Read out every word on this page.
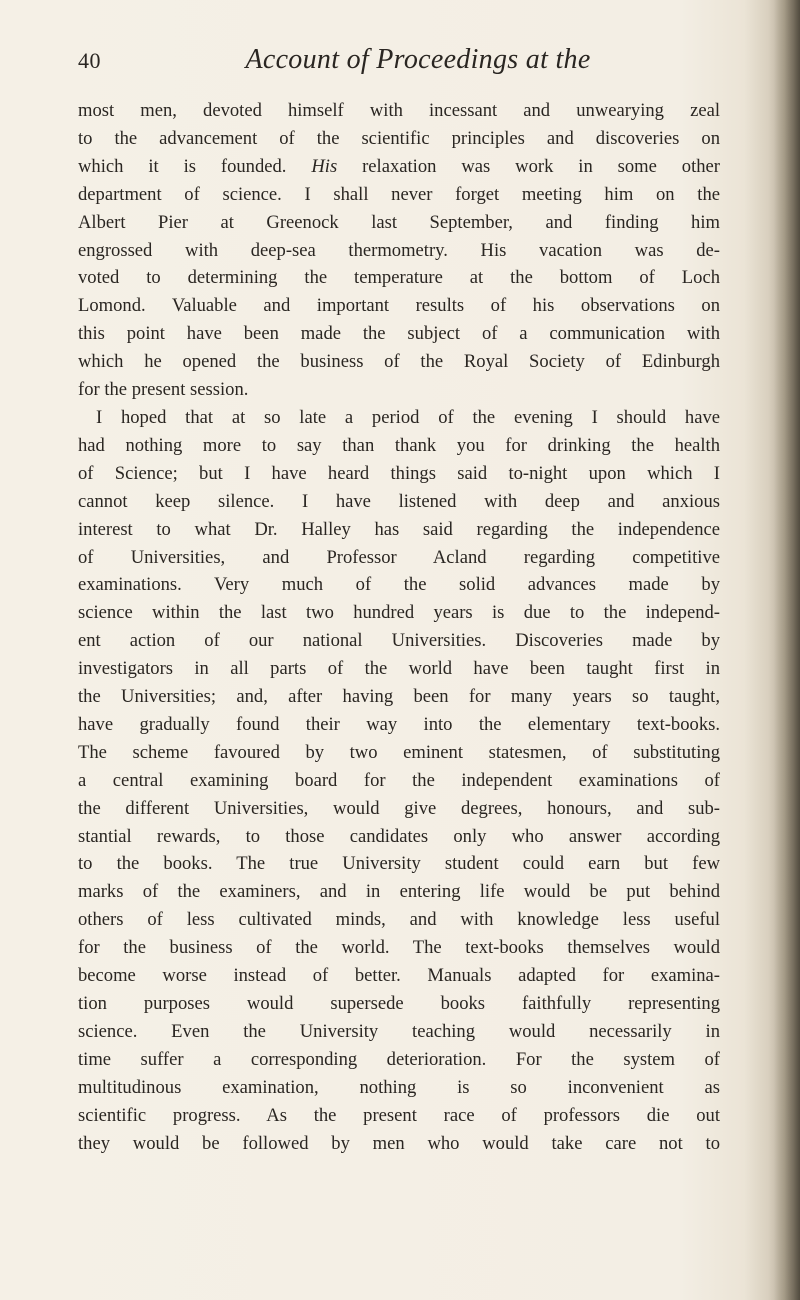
40	Account of Proceedings at the
most men, devoted himself with incessant and unwearying zeal
to the advancement of the scientific principles and discoveries on
which it is founded. His relaxation was work in some other
department of science. I shall never forget meeting him on the
Albert Pier at Greenock last September, and finding him
engrossed with deep-sea thermometry. His vacation was de-
voted to determining the temperature at the bottom of Loch
Lomond. Valuable and important results of his observations on
this point have been made the subject of a communication with
which he opened the business of the Royal Society of Edinburgh
for the present session.
I hoped that at so late a period of the evening I should have
had nothing more to say than thank you for drinking the health
of Science; but I have heard things said to-night upon which I
cannot keep silence. I have listened with deep and anxious
interest to what Dr. Halley has said regarding the independence
of Universities, and Professor Acland regarding competitive
examinations. Very much of the solid advances made by
science within the last two hundred years is due to the independ-
ent action of our national Universities. Discoveries made by
investigators in all parts of the world have been taught first in
the Universities; and, after having been for many years so taught,
have gradually found their way into the elementary text-books.
The scheme favoured by two eminent statesmen, of substituting
a central examining board for the independent examinations of
the different Universities, would give degrees, honours, and sub-
stantial rewards, to those candidates only who answer according
to the books. The true University student could earn but few
marks of the examiners, and in entering life would be put behind
others of less cultivated minds, and with knowledge less useful
for the business of the world. The text-books themselves would
become worse instead of better. Manuals adapted for examina-
tion purposes would supersede books faithfully representing
science. Even the University teaching would necessarily in
time suffer a corresponding deterioration. For the system of
multitudinous examination, nothing is so inconvenient as
scientific progress. As the present race of professors die out
they would be followed by men who would take care not to
